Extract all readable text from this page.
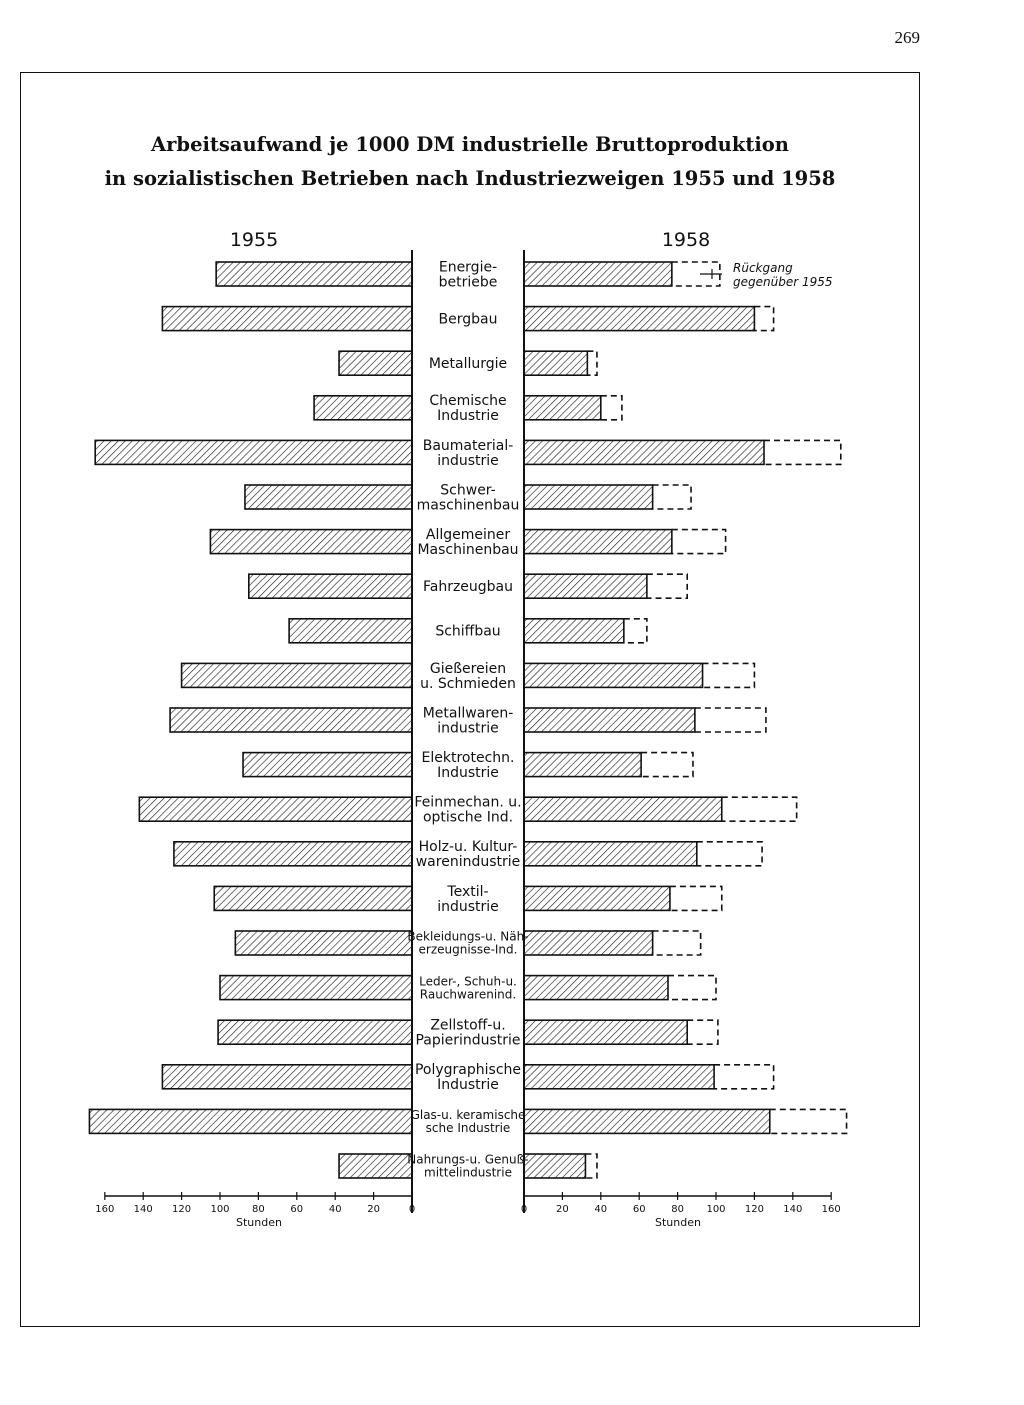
269
Arbeitsaufwand je 1000 DM industrielle Bruttoproduktion
in sozialistischen Betrieben nach Industriezweigen 1955 und 1958
1955	1958
Energie-
betriebe
Bergbau
Metallurgie
Chemische
Industrie
Baumaterial-
industrie
Schwer-
maschinenbau
Allgemeiner
Maschinenbau
Fahrzeugbau
Schiffbau
Gießereien
u. Schmieden
Metallwaren-
industrie
Elektrotechn.
Industrie
Feinmechan. u.
optische Ind.
Holz-u. Kultur-
warenindustrie
Textil-
industrie
Bekleidungs-u. Näh-
erzeugnisse-Ind.
Leder-, Schuh-u.
Rauchwarenind.
Zellstoff-u.
Papierindustrie
Polygraphische
Industrie
Glas-u. keramische
sche Industrie
Nahrungs-u. Genuß-
mittelindustrie
160 140 120 100 80	60	40	20	0	0	20	40	60	80 100 120 140 160
Stunden	Stunden
Rückgang
gegenüber 1955
